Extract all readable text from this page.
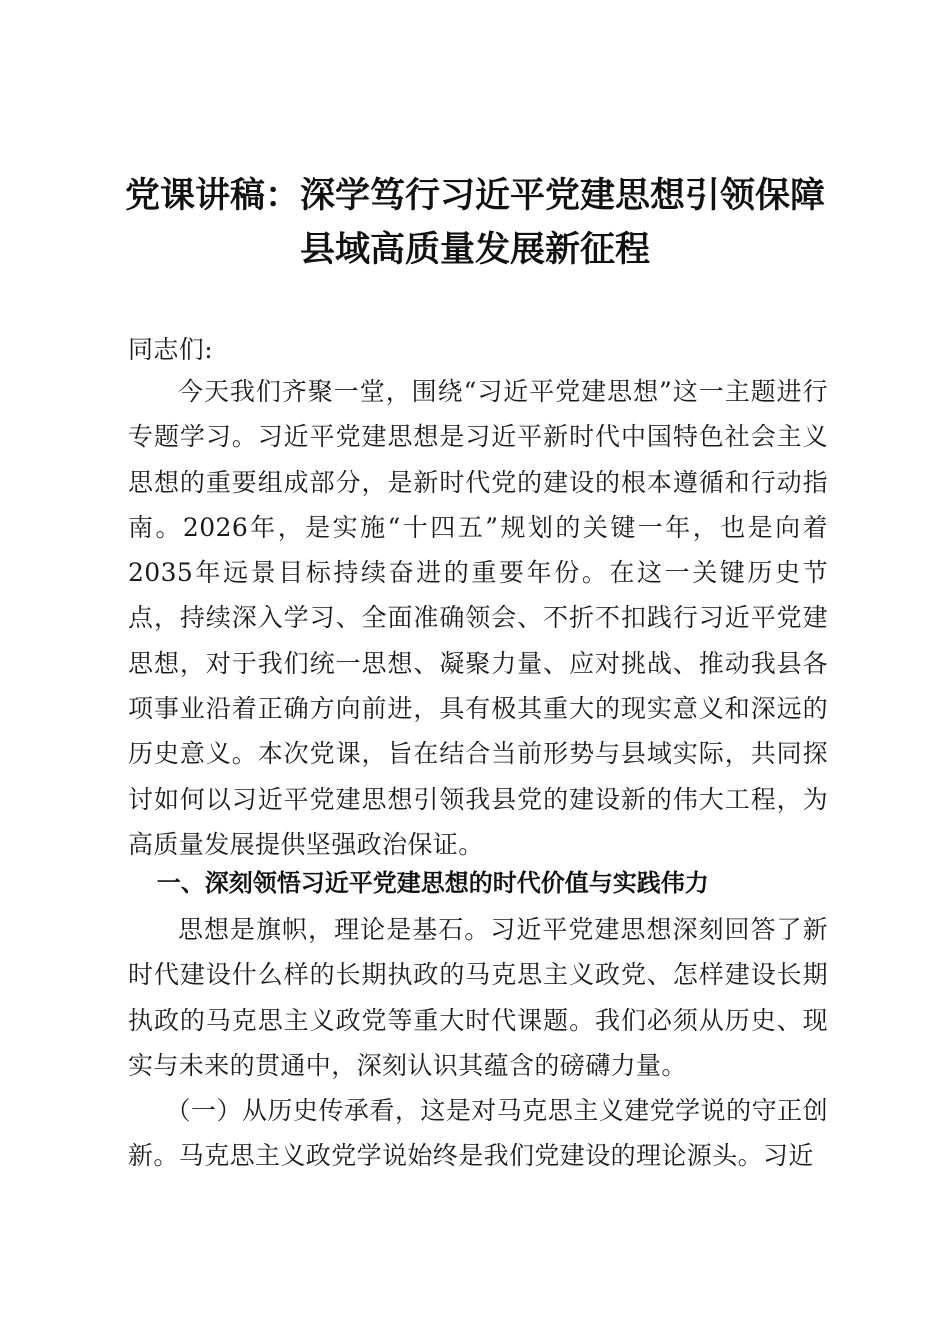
党课讲稿：深学笃行习近平党建思想引领保障
县域高质量发展新征程

同志们:

今天我们齐聚一堂，围绕“习近平党建思想”这一主题进行专题学习。习近平党建思想是习近平新时代中国特色社会主义思想的重要组成部分，是新时代党的建设的根本遵循和行动指南。2026年，是实施“十四五”规划的关键一年，也是向着2035年远景目标持续奋进的重要年份。在这一关键历史节点，持续深入学习、全面准确领会、不折不扣践行习近平党建思想，对于我们统一思想、凝聚力量、应对挑战、推动我县各项事业沿着正确方向前进，具有极其重大的现实意义和深远的历史意义。本次党课，旨在结合当前形势与县域实际，共同探讨如何以习近平党建思想引领我县党的建设新的伟大工程，为高质量发展提供坚强政治保证。

一、深刻领悟习近平党建思想的时代价值与实践伟力

思想是旗帜，理论是基石。习近平党建思想深刻回答了新时代建设什么样的长期执政的马克思主义政党、怎样建设长期执政的马克思主义政党等重大时代课题。我们必须从历史、现实与未来的贯通中，深刻认识其蕴含的磅礴力量。

（一）从历史传承看，这是对马克思主义建党学说的守正创新。马克思主义政党学说始终是我们党建设的理论源头。习近
